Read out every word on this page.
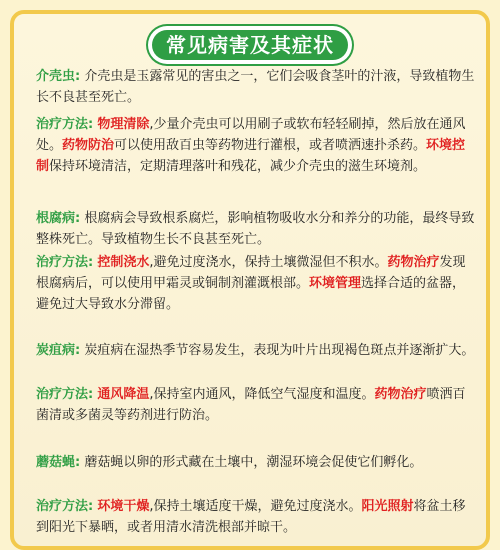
常见病害及其症状
介壳虫: 介壳虫是玉露常见的害虫之一，它们会吸食茎叶的汁液，导致植物生长不良甚至死亡。
治疗方法: 物理清除,少量介壳虫可以用刷子或软布轻轻刷掉，然后放在通风处。药物防治可以使用敌百虫等药物进行灌根，或者喷洒速扑杀药。环境控制保持环境清洁，定期清理落叶和残花，减少介壳虫的滋生环境剂。
根腐病: 根腐病会导致根系腐烂，影响植物吸收水分和养分的功能，最终导致整株死亡。导致植物生长不良甚至死亡。
治疗方法: 控制浇水,避免过度浇水，保持土壤微湿但不积水。药物治疗发现根腐病后，可以使用甲霜灵或铜制剂灌溉根部。环境管理选择合适的盆器，避免过大导致水分滞留。
炭疽病: 炭疽病在湿热季节容易发生，表现为叶片出现褐色斑点并逐渐扩大。
治疗方法: 通风降温,保持室内通风，降低空气湿度和温度。药物治疗喷洒百菌清或多菌灵等药剂进行防治。
蘑菇蝇: 蘑菇蝇以卵的形式藏在土壤中，潮湿环境会促使它们孵化。
治疗方法: 环境干燥,保持土壤适度干燥，避免过度浇水。阳光照射将盆土移到阳光下暴晒，或者用清水清洗根部并晾干。
